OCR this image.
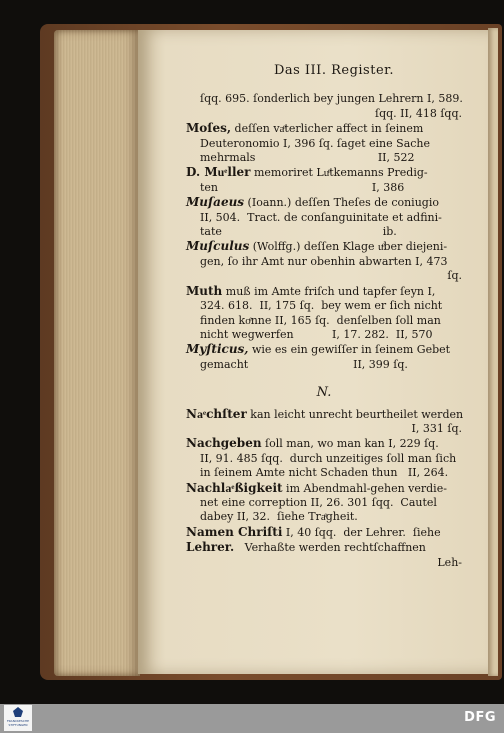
Das III. Register.
ſqq. 695. ſonderlich bey jungen Lehrern I, 589.
ſqq. II, 418 ſqq.
Moſes, deſſen vaͤterlicher affect in ſeinem
Deuteronomio I, 396 ſq. ſaget eine Sache
mehrmals                                   II, 522
D. Muͤller memoriret Luͤtkemanns Predig-
ten                                            I, 386
Muſaeus (Ioann.) deſſen Theſes de coniugio
II, 504.  Tract. de conſanguinitate et adfini-
tate                                              ib.
Muſculus (Wolffg.) deſſen Klage uͤber diejeni-
gen, ſo ihr Amt nur obenhin abwarten I, 473
ſq.
Muth muß im Amte friſch und tapfer ſeyn I,
324. 618.  II, 175 ſq.  bey wem er ſich nicht
finden koͤnne II, 165 ſq.  denſelben ſoll man
nicht wegwerfen           I, 17. 282.  II, 570
Myſticus, wie es ein gewiſſer in ſeinem Gebet
gemacht                              II, 399 ſq.
N.
Naͤchſter kan leicht unrecht beurtheilet werden
I, 331 ſq.
Nachgeben ſoll man, wo man kan I, 229 ſq.
II, 91. 485 ſqq.  durch unzeitiges ſoll man ſich
in ſeinem Amte nicht Schaden thun   II, 264.
Nachlaͤßigkeit im Abendmahl-gehen verdie-
net eine correption II, 26. 301 ſqq.  Cautel
dabey II, 32.  ſiehe Traͤgheit.
Namen Chriſti I, 40 ſqq.  der Lehrer.  ſiehe
Lehrer.   Verhaßte werden rechtſchaffnen
Leh-
FRANCKESCHE STIFTUNGEN	DFG
